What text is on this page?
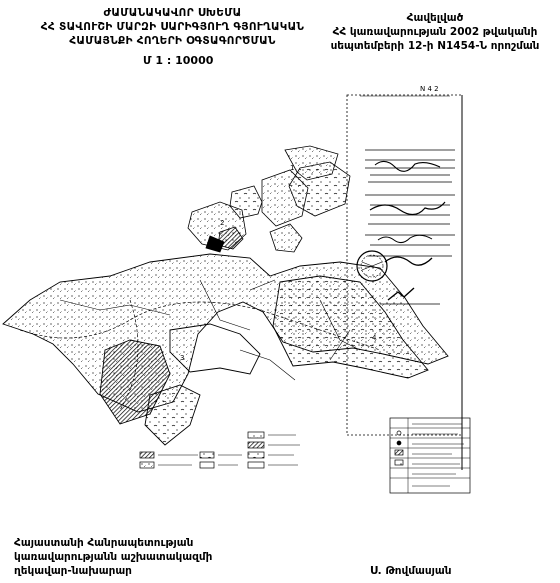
ԺԱՄԱՆԱԿԱՎՈՐ ՍԽԵՄԱ
ՀՀ ՏԱՎՈՒՇԻ ՄԱՐԶԻ ՍԱՐԻԳՅՈՒՂ ԳՅՈՒՂԱԿԱՆ
ՀԱՄԱՅՆՔԻ ՀՈՂԵՐԻ ՕԳՏԱԳՈՐԾՄԱՆ
Մ 1 : 10000
Հավելված
ՀՀ կառավարության 2002 թվականի
սեպտեմբերի 12-ի N1454-Ն որոշման
N 4 2
1
2
3
4
Հայաստանի Հանրապետության
կառավարությանն աշխատակազմի
ղեկավար-նախարար	Ս. Թովմասյան
